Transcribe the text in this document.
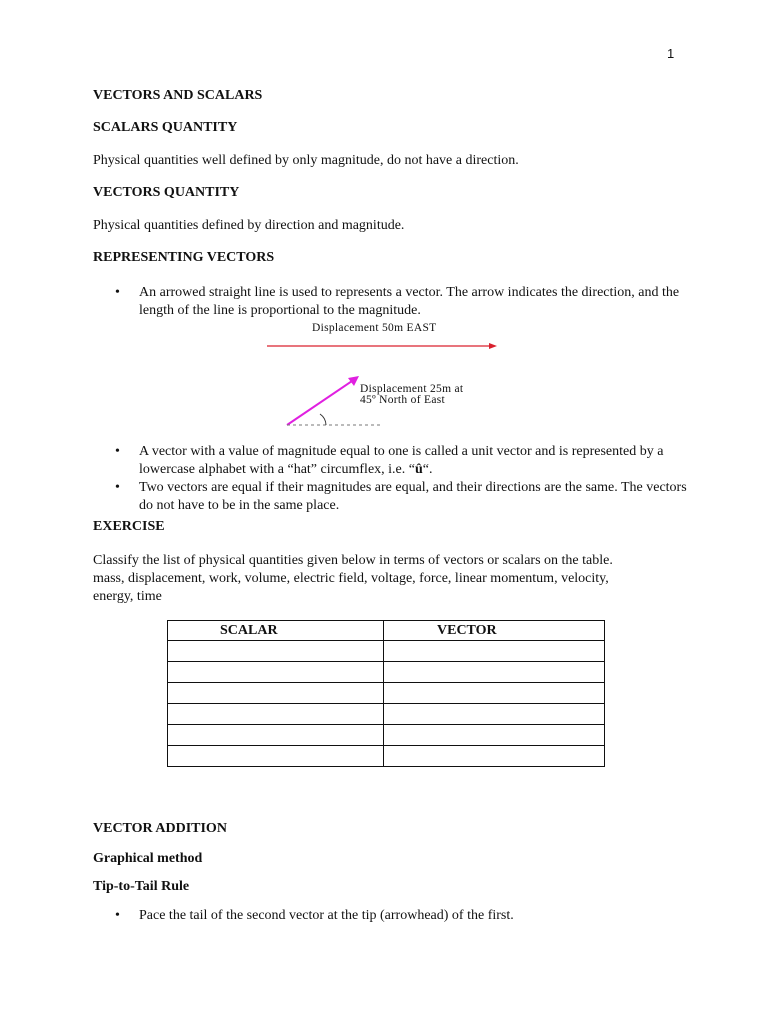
1
VECTORS AND SCALARS
SCALARS QUANTITY

Physical quantities well defined by only magnitude, do not have a direction.

VECTORS QUANTITY

Physical quantities defined by direction and magnitude.

REPRESENTING VECTORS
• An arrowed straight line is used to represents a vector. The arrow indicates the direction, and the length of the line is proportional to the magnitude.
Displacement 50m EAST
Displacement 25m at
45º North of East
• A vector with a value of magnitude equal to one is called a unit vector and is represented by a lowercase alphabet with a “hat” circumflex, i.e. “û“.
• Two vectors are equal if their magnitudes are equal, and their directions are the same. The vectors do not have to be in the same place.
EXERCISE

Classify the list of physical quantities given below in terms of vectors or scalars on the table.

mass, displacement, work, volume, electric field, voltage, force, linear momentum, velocity,

energy, time

SCALAR	VECTOR

VECTOR ADDITION
Graphical method
Tip-to-Tail Rule
• Pace the tail of the second vector at the tip (arrowhead) of the first.
